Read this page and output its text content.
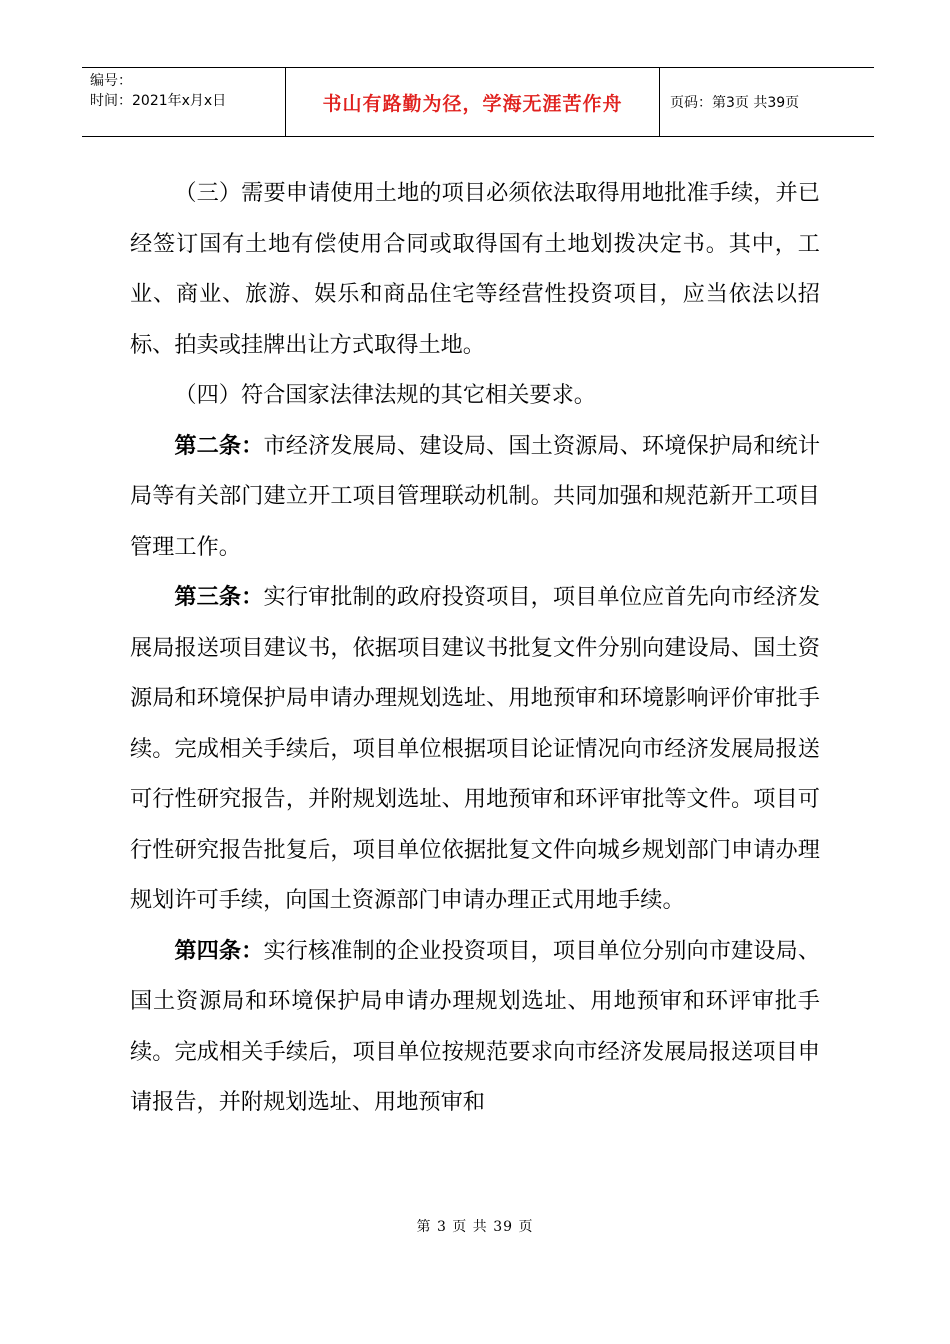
编号：
时间：2021年x月x日	书山有路勤为径，学海无涯苦作舟	页码：第3页 共39页

（三）需要申请使用土地的项目必须依法取得用地批准手续，并已经签订国有土地有偿使用合同或取得国有土地划拨决定书。其中，工业、商业、旅游、娱乐和商品住宅等经营性投资项目，应当依法以招标、拍卖或挂牌出让方式取得土地。

（四）符合国家法律法规的其它相关要求。

第二条：市经济发展局、建设局、国土资源局、环境保护局和统计局等有关部门建立开工项目管理联动机制。共同加强和规范新开工项目管理工作。

第三条：实行审批制的政府投资项目，项目单位应首先向市经济发展局报送项目建议书，依据项目建议书批复文件分别向建设局、国土资源局和环境保护局申请办理规划选址、用地预审和环境影响评价审批手续。完成相关手续后，项目单位根据项目论证情况向市经济发展局报送可行性研究报告，并附规划选址、用地预审和环评审批等文件。项目可行性研究报告批复后，项目单位依据批复文件向城乡规划部门申请办理规划许可手续，向国土资源部门申请办理正式用地手续。

第四条：实行核准制的企业投资项目，项目单位分别向市建设局、国土资源局和环境保护局申请办理规划选址、用地预审和环评审批手续。完成相关手续后，项目单位按规范要求向市经济发展局报送项目申请报告，并附规划选址、用地预审和

第 3 页 共 39 页
